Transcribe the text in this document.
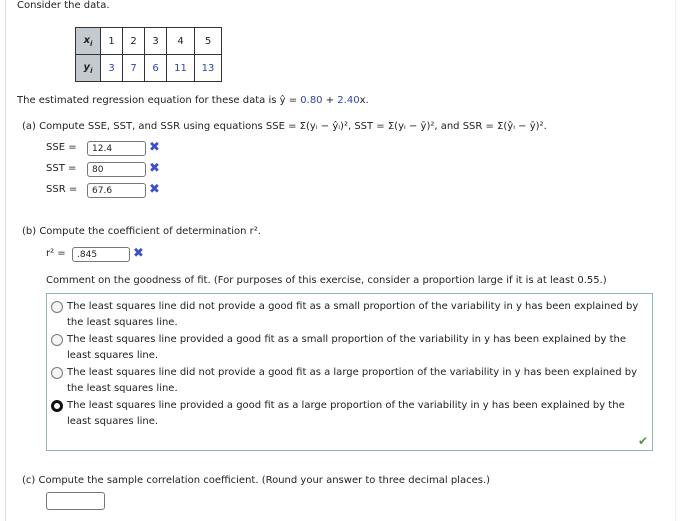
Consider the data.
$x_i$	1	2	3	4	5
$y_i$	3	7	6	11	13
The estimated regression equation for these data is ŷ = 0.80 + 2.40x.
(a) Compute SSE, SST, and SSR using equations SSE = Σ(yᵢ − ŷᵢ)², SST = Σ(yᵢ − ȳ)², and SSR = Σ(ŷᵢ − ȳ)².
SSE =	12.4	✖
SST =	80	✖
SSR =	67.6	✖
(b) Compute the coefficient of determination r².
r² =	.845	✖
Comment on the goodness of fit. (For purposes of this exercise, consider a proportion large if it is at least 0.55.)
The least squares line did not provide a good fit as a small proportion of the variability in y has been explained by the least squares line.
The least squares line provided a good fit as a small proportion of the variability in y has been explained by the least squares line.
The least squares line did not provide a good fit as a large proportion of the variability in y has been explained by the least squares line.
The least squares line provided a good fit as a large proportion of the variability in y has been explained by the least squares line.
✔
(c) Compute the sample correlation coefficient. (Round your answer to three decimal places.)
